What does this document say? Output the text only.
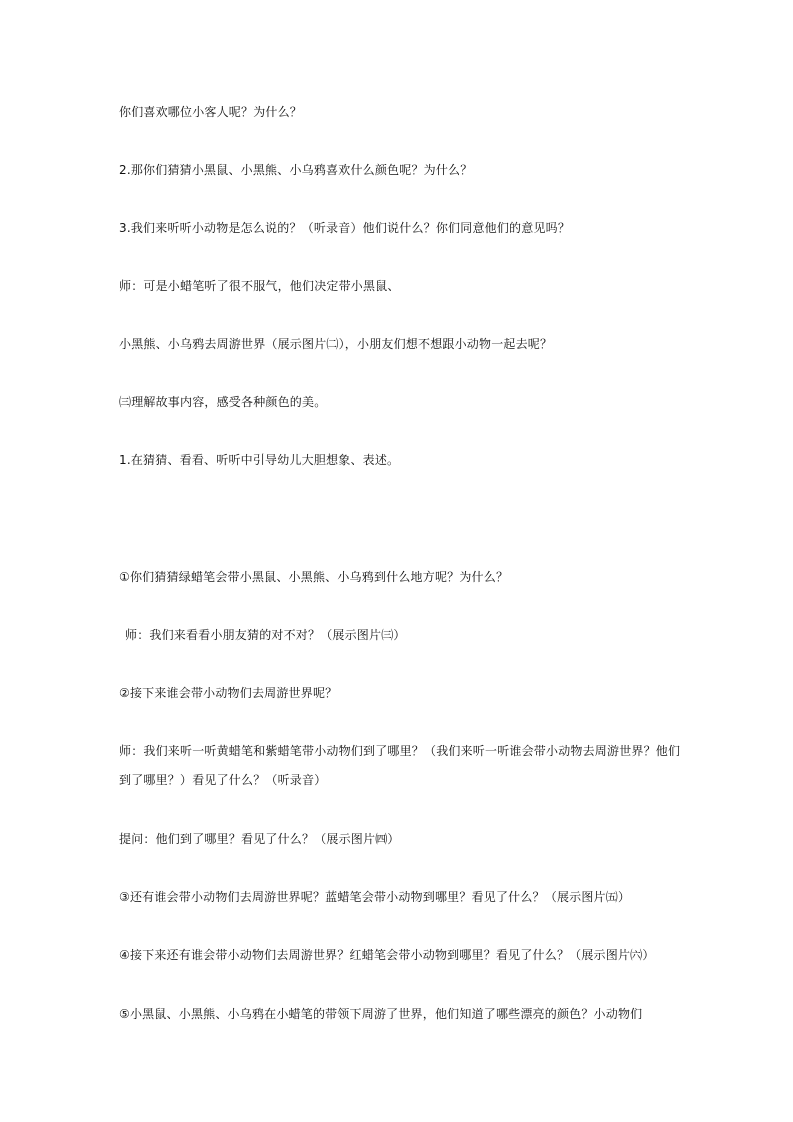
你们喜欢哪位小客人呢？为什么？
2.那你们猜猜小黑鼠、小黑熊、小乌鸦喜欢什么颜色呢？为什么？
3.我们来听听小动物是怎么说的？（听录音）他们说什么？你们同意他们的意见吗？
师：可是小蜡笔听了很不服气，他们决定带小黑鼠、
小黑熊、小乌鸦去周游世界（展示图片㈡），小朋友们想不想跟小动物一起去呢？
㈢理解故事内容，感受各种颜色的美。
1.在猜猜、看看、听听中引导幼儿大胆想象、表述。
①你们猜猜绿蜡笔会带小黑鼠、小黑熊、小乌鸦到什么地方呢？为什么？
师：我们来看看小朋友猜的对不对？（展示图片㈢）
②接下来谁会带小动物们去周游世界呢？
师：我们来听一听黄蜡笔和紫蜡笔带小动物们到了哪里？（我们来听一听谁会带小动物去周游世界？他们
到了哪里？）看见了什么？（听录音）
提问：他们到了哪里？看见了什么？（展示图片㈣）
③还有谁会带小动物们去周游世界呢？蓝蜡笔会带小动物到哪里？看见了什么？（展示图片㈤）
④接下来还有谁会带小动物们去周游世界？红蜡笔会带小动物到哪里？看见了什么？（展示图片㈥）
⑤小黑鼠、小黑熊、小乌鸦在小蜡笔的带领下周游了世界，他们知道了哪些漂亮的颜色？小动物们
